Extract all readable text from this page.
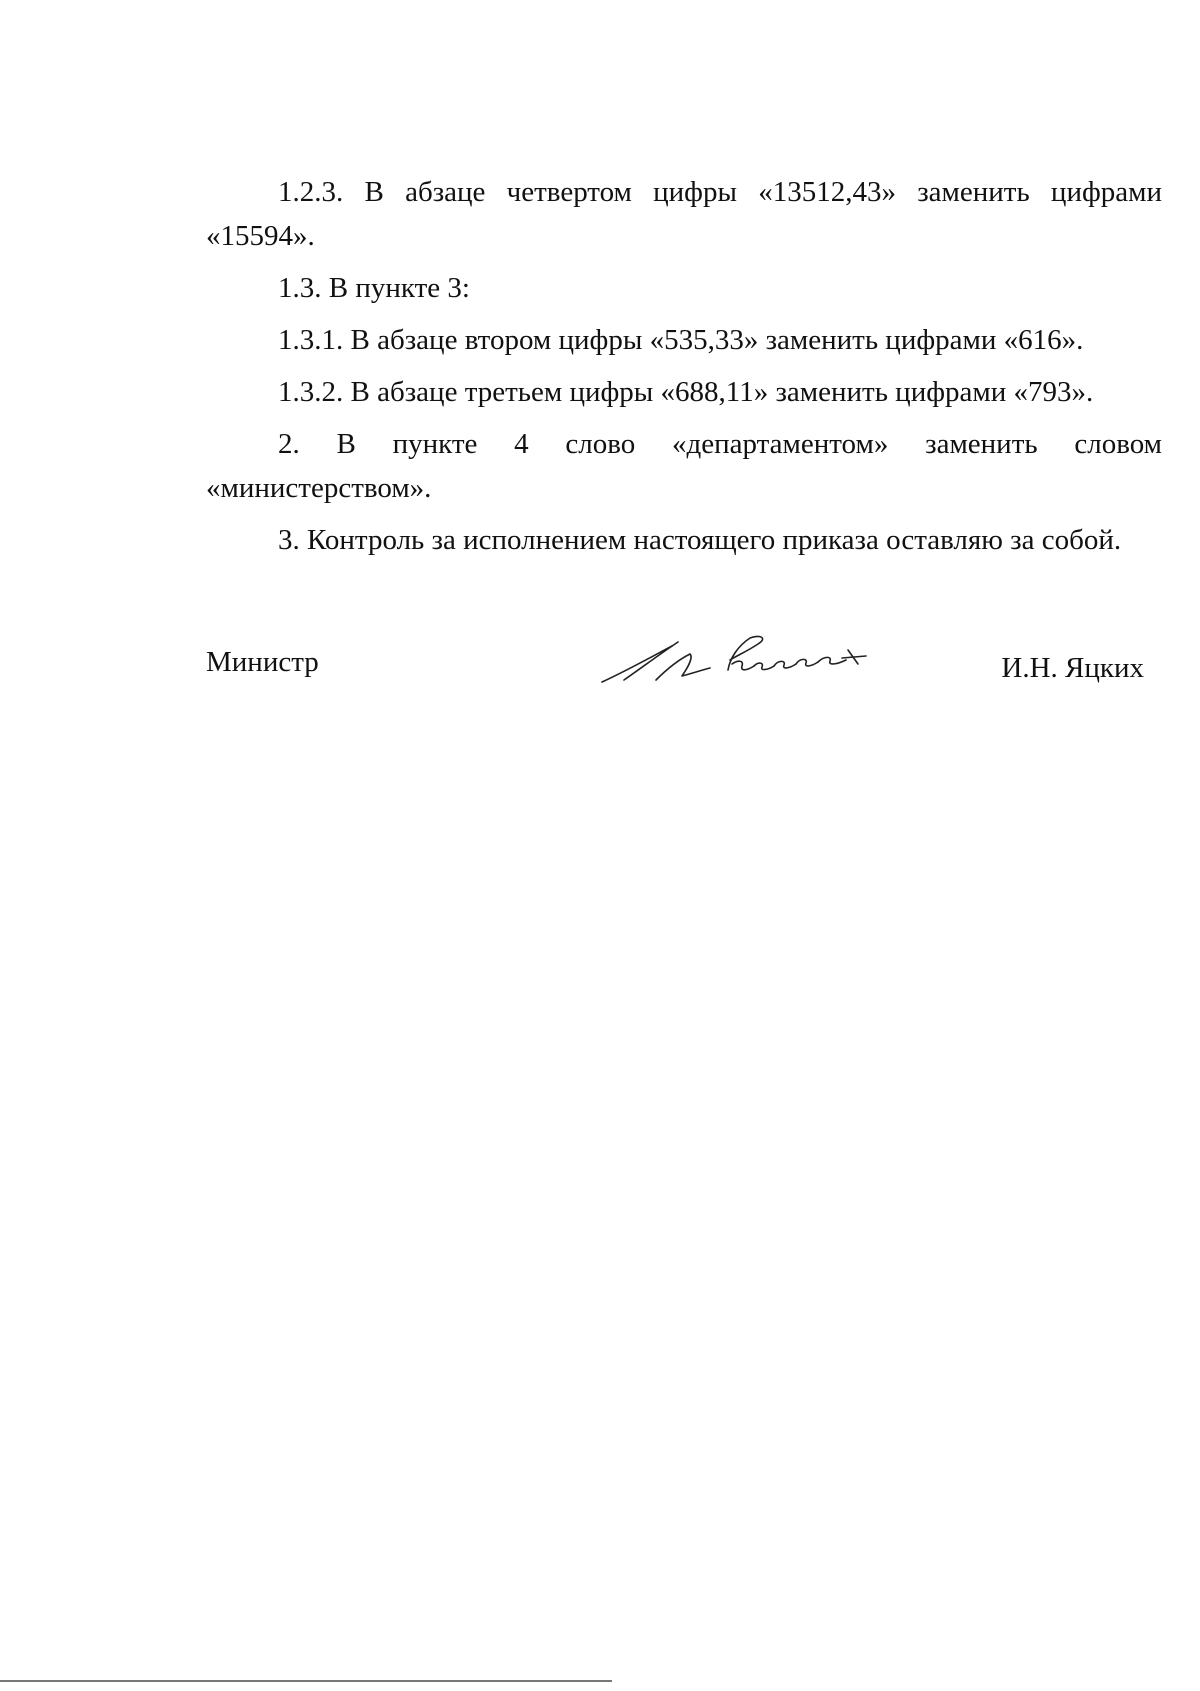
1.2.3. В абзаце четвертом цифры «13512,43» заменить цифрами «15594».

1.3. В пункте 3:

1.3.1. В абзаце втором цифры «535,33» заменить цифрами «616».

1.3.2. В абзаце третьем цифры «688,11» заменить цифрами «793».

2. В пункте 4 слово «департаментом» заменить словом «министерством».

3. Контроль за исполнением настоящего приказа оставляю за собой.

Министр	И.Н. Яцких
